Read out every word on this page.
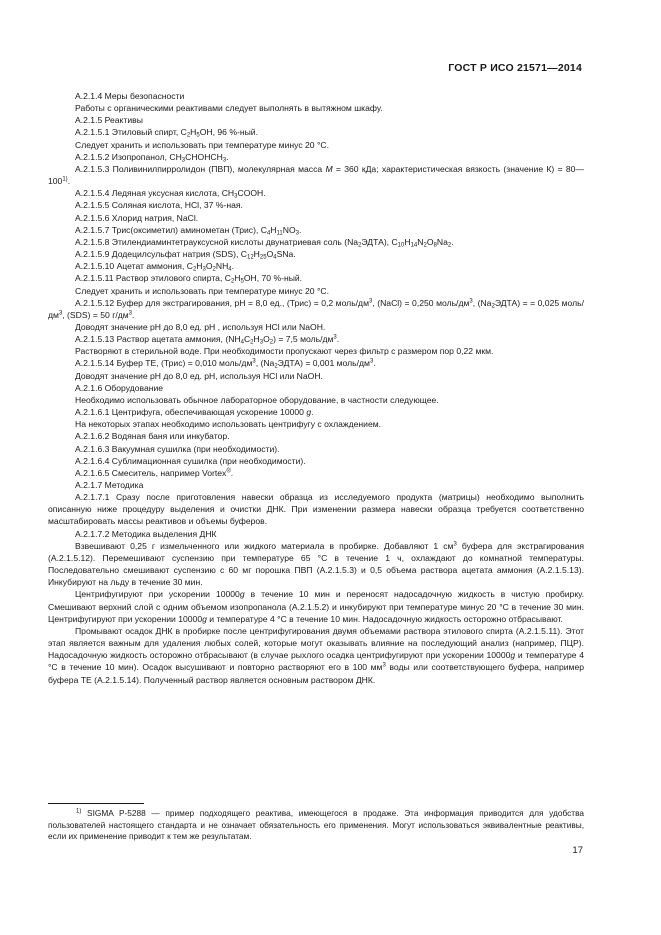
ГОСТ Р ИСО 21571—2014

A.2.1.4 Меры безопасности

Работы с органическими реактивами следует выполнять в вытяжном шкафу.

A.2.1.5 Реактивы

A.2.1.5.1 Этиловый спирт, $C_2H_5OH$, 96 %-ный.

Следует хранить и использовать при температуре минус 20 °С.

A.2.1.5.2 Изопропанол, $CH_3CHOHCH_3$.

A.2.1.5.3 Поливинилпирролидон (ПВП), молекулярная масса M = 360 кДа; характеристическая вязкость (значение $К) = 80—100^{1)}$.

A.2.1.5.4 Ледяная уксусная кислота, $CH_3COOH$.

A.2.1.5.5 Соляная кислота, HCl, 37 %-ная.

A.2.1.5.6 Хлорид натрия, NaCl.

A.2.1.5.7 Трис(оксиметил) аминометан (Трис), $C_4H_{11}NO_3$.

A.2.1.5.8 Этилендиаминтетрауксусной кислоты двунатриевая соль $(Na_2ЭДТА)$, $C_{10}H_{14}N_2O_8Na_2$.

A.2.1.5.9 Додецилсульфат натрия (SDS), $C_{12}H_{25}O_4SNa$.

A.2.1.5.10 Ацетат аммония, $C_2H_3O_2NH_4$.

A.2.1.5.11 Раствор этилового спирта, $C_2H_5OH$, 70 %-ный.

Следует хранить и использовать при температуре минус 20 °С.

A.2.1.5.12 Буфер для экстрагирования, pH = 8,0 ед., (Трис) = 0,2 моль/$дм^3$, (NaCl) = 0,250 моль/$дм^3$, $(Na_2ЭДТА)$ = = 0,025 моль/$дм^3$, (SDS) = 50 $г/дм^3$.

Доводят значение pH до 8,0 ед. pH , используя HCl или NaOH.

A.2.1.5.13 Раствор ацетата аммония, $(NH_4C_2H_3O_2) = 7,5$ моль/$дм^3$.

Растворяют в стерильной воде. При необходимости пропускают через фильтр с размером пор 0,22 мкм.

A.2.1.5.14 Буфер TE, (Трис) = 0,010 моль/$дм^3$, $(Na_2ЭДТА) = 0,001$ моль/$дм^3$.

Доводят значение pH до 8,0 ед. pH, используя HCl или NaOH.

A.2.1.6 Оборудование

Необходимо использовать обычное лабораторное оборудование, в частности следующее.

A.2.1.6.1 Центрифуга, обеспечивающая ускорение 10000 g.

На некоторых этапах необходимо использовать центрифугу с охлаждением.

A.2.1.6.2 Водяная баня или инкубатор.

A.2.1.6.3 Вакуумная сушилка (при необходимости).

A.2.1.6.4 Сублимационная сушилка (при необходимости).

A.2.1.6.5 Смеситель, например Vortex®.

A.2.1.7 Методика

A.2.1.7.1 Сразу после приготовления навески образца из исследуемого продукта (матрицы) необходимо выполнить описанную ниже процедуру выделения и очистки ДНК. При изменении размера навески образца требуется соответственно масштабировать массы реактивов и объемы буферов.

A.2.1.7.2 Методика выделения ДНК

Взвешивают 0,25 г измельченного или жидкого материала в пробирке. Добавляют 1 $см^3$ буфера для экстрагирования (A.2.1.5.12). Перемешивают суспензию при температуре 65 °С в течение 1 ч, охлаждают до комнатной температуры. Последовательно смешивают суспензию с 60 мг порошка ПВП (A.2.1.5.3) и 0,5 объема раствора ацетата аммония (A.2.1.5.13). Инкубируют на льду в течение 30 мин.

Центрифугируют при ускорении 10000g в течение 10 мин и переносят надосадочную жидкость в чистую пробирку. Смешивают верхний слой с одним объемом изопропанола (A.2.1.5.2) и инкубируют при температуре минус 20 °С в течение 30 мин. Центрифугируют при ускорении 10000g и температуре 4 °С в течение 10 мин. Надосадочную жидкость осторожно отбрасывают.

Промывают осадок ДНК в пробирке после центрифугирования двумя объемами раствора этилового спирта (A.2.1.5.11). Этот этап является важным для удаления любых солей, которые могут оказывать влияние на последующий анализ (например, ПЦР). Надосадочную жидкость осторожно отбрасывают (в случае рыхлого осадка центрифугируют при ускорении 10000g и температуре 4 °С в течение 10 мин). Осадок высушивают и повторно растворяют его в 100 $мм^3$ воды или соответствующего буфера, например буфера TE (A.2.1.5.14). Полученный раствор является основным раствором ДНК.

$^{1)}$ SIGMA P-5288 — пример подходящего реактива, имеющегося в продаже. Эта информация приводится для удобства пользователей настоящего стандарта и не означает обязательность его применения. Могут использоваться эквивалентные реактивы, если их применение приводит к тем же результатам.

17
